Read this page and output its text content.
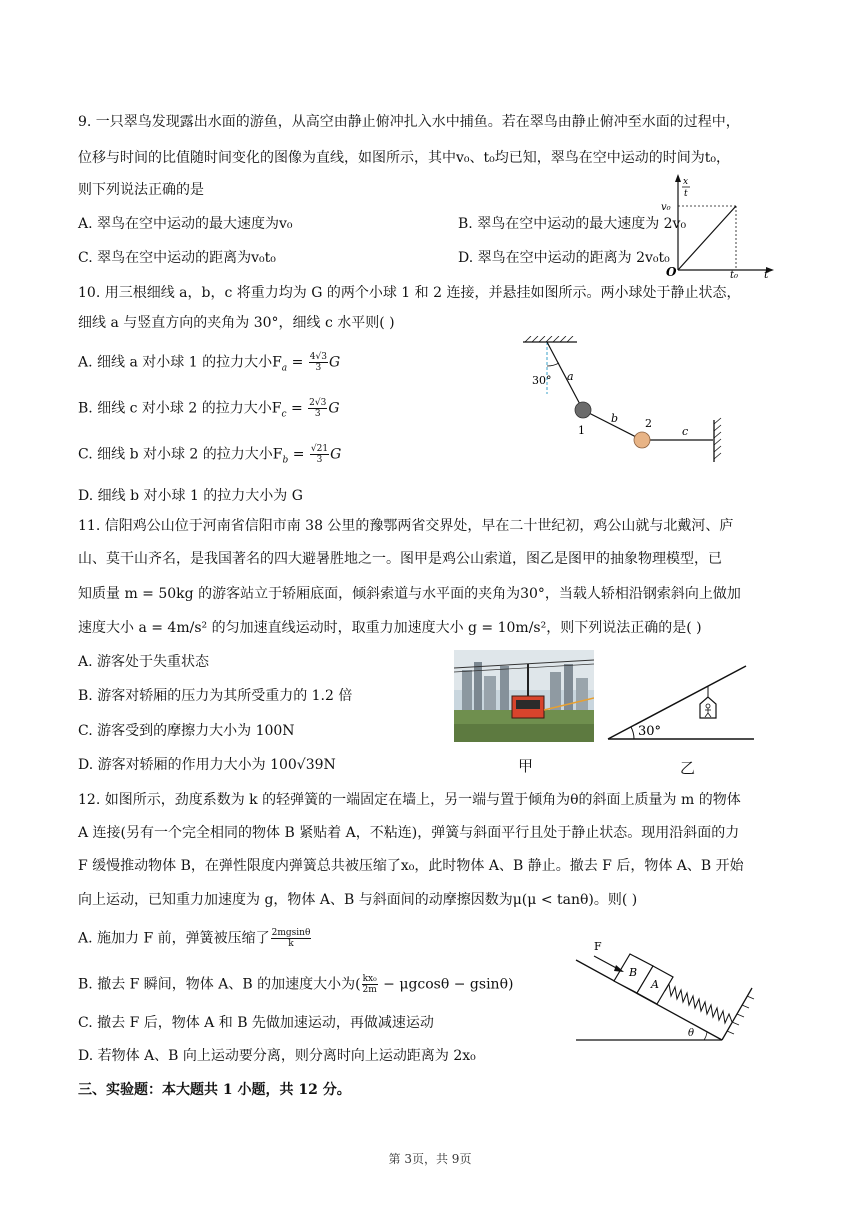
9. 一只翠鸟发现露出水面的游鱼，从高空由静止俯冲扎入水中捕鱼。若在翠鸟由静止俯冲至水面的过程中，
位移与时间的比值随时间变化的图像为直线，如图所示，其中v₀、t₀均已知，翠鸟在空中运动的时间为t₀，
则下列说法正确的是
A. 翠鸟在空中运动的最大速度为v₀	B. 翠鸟在空中运动的最大速度为 2v₀
C. 翠鸟在空中运动的距离为v₀t₀	D. 翠鸟在空中运动的距离为 2v₀t₀
x
t
v₀
t₀ t
O
10. 用三根细线 a，b，c 将重力均为 G 的两个小球 1 和 2 连接，并悬挂如图所示。两小球处于静止状态，
细线 a 与竖直方向的夹角为 30°，细线 c 水平则( )
A. 细线 a 对小球 1 的拉力大小$F_a = \frac{4√3}{3}$ G
B. 细线 c 对小球 2 的拉力大小$F_c = \frac{2√3}{3}$ G
C. 细线 b 对小球 2 的拉力大小$F_b = \frac{√21}{3}$ G
D. 细线 b 对小球 1 的拉力大小为 G
30° a
b
c
1
2
11. 信阳鸡公山位于河南省信阳市南 38 公里的豫鄂两省交界处，早在二十世纪初，鸡公山就与北戴河、庐
山、莫干山齐名，是我国著名的四大避暑胜地之一。图甲是鸡公山索道，图乙是图甲的抽象物理模型，已
知质量 m = 50kg 的游客站立于轿厢底面，倾斜索道与水平面的夹角为30°，当载人轿相沿钢索斜向上做加
速度大小 a = 4m/s² 的匀加速直线运动时，取重力加速度大小 g = 10m/s²，则下列说法正确的是( )
A. 游客处于失重状态
B. 游客对轿厢的压力为其所受重力的 1.2 倍
C. 游客受到的摩擦力大小为 100N
D. 游客对轿厢的作用力大小为 100√39N	甲
30°
乙
12. 如图所示，劲度系数为 k 的轻弹簧的一端固定在墙上，另一端与置于倾角为θ的斜面上质量为 m 的物体
A 连接(另有一个完全相同的物体 B 紧贴着 A，不粘连)，弹簧与斜面平行且处于静止状态。现用沿斜面的力
F 缓慢推动物体 B，在弹性限度内弹簧总共被压缩了x₀，此时物体 A、B 静止。撤去 F 后，物体 A、B 开始
向上运动，已知重力加速度为 g，物体 A、B 与斜面间的动摩擦因数为μ(μ < tanθ)。则( )
A. 施加力 F 前，弹簧被压缩了 $\frac{2mgsin\theta}{k}$
B. 撤去 F 瞬间，物体 A、B 的加速度大小为( $\frac{\text{kx₀}}{2m} - \mu gcos\theta - gsin\theta$)
C. 撤去 F 后，物体 A 和 B 先做加速运动，再做减速运动
D. 若物体 A、B 向上运动要分离，则分离时向上运动距离为 2x₀
θ
B
A
F
三、实验题：本大题共 1 小题，共 12 分。
第 3页，共 9页
